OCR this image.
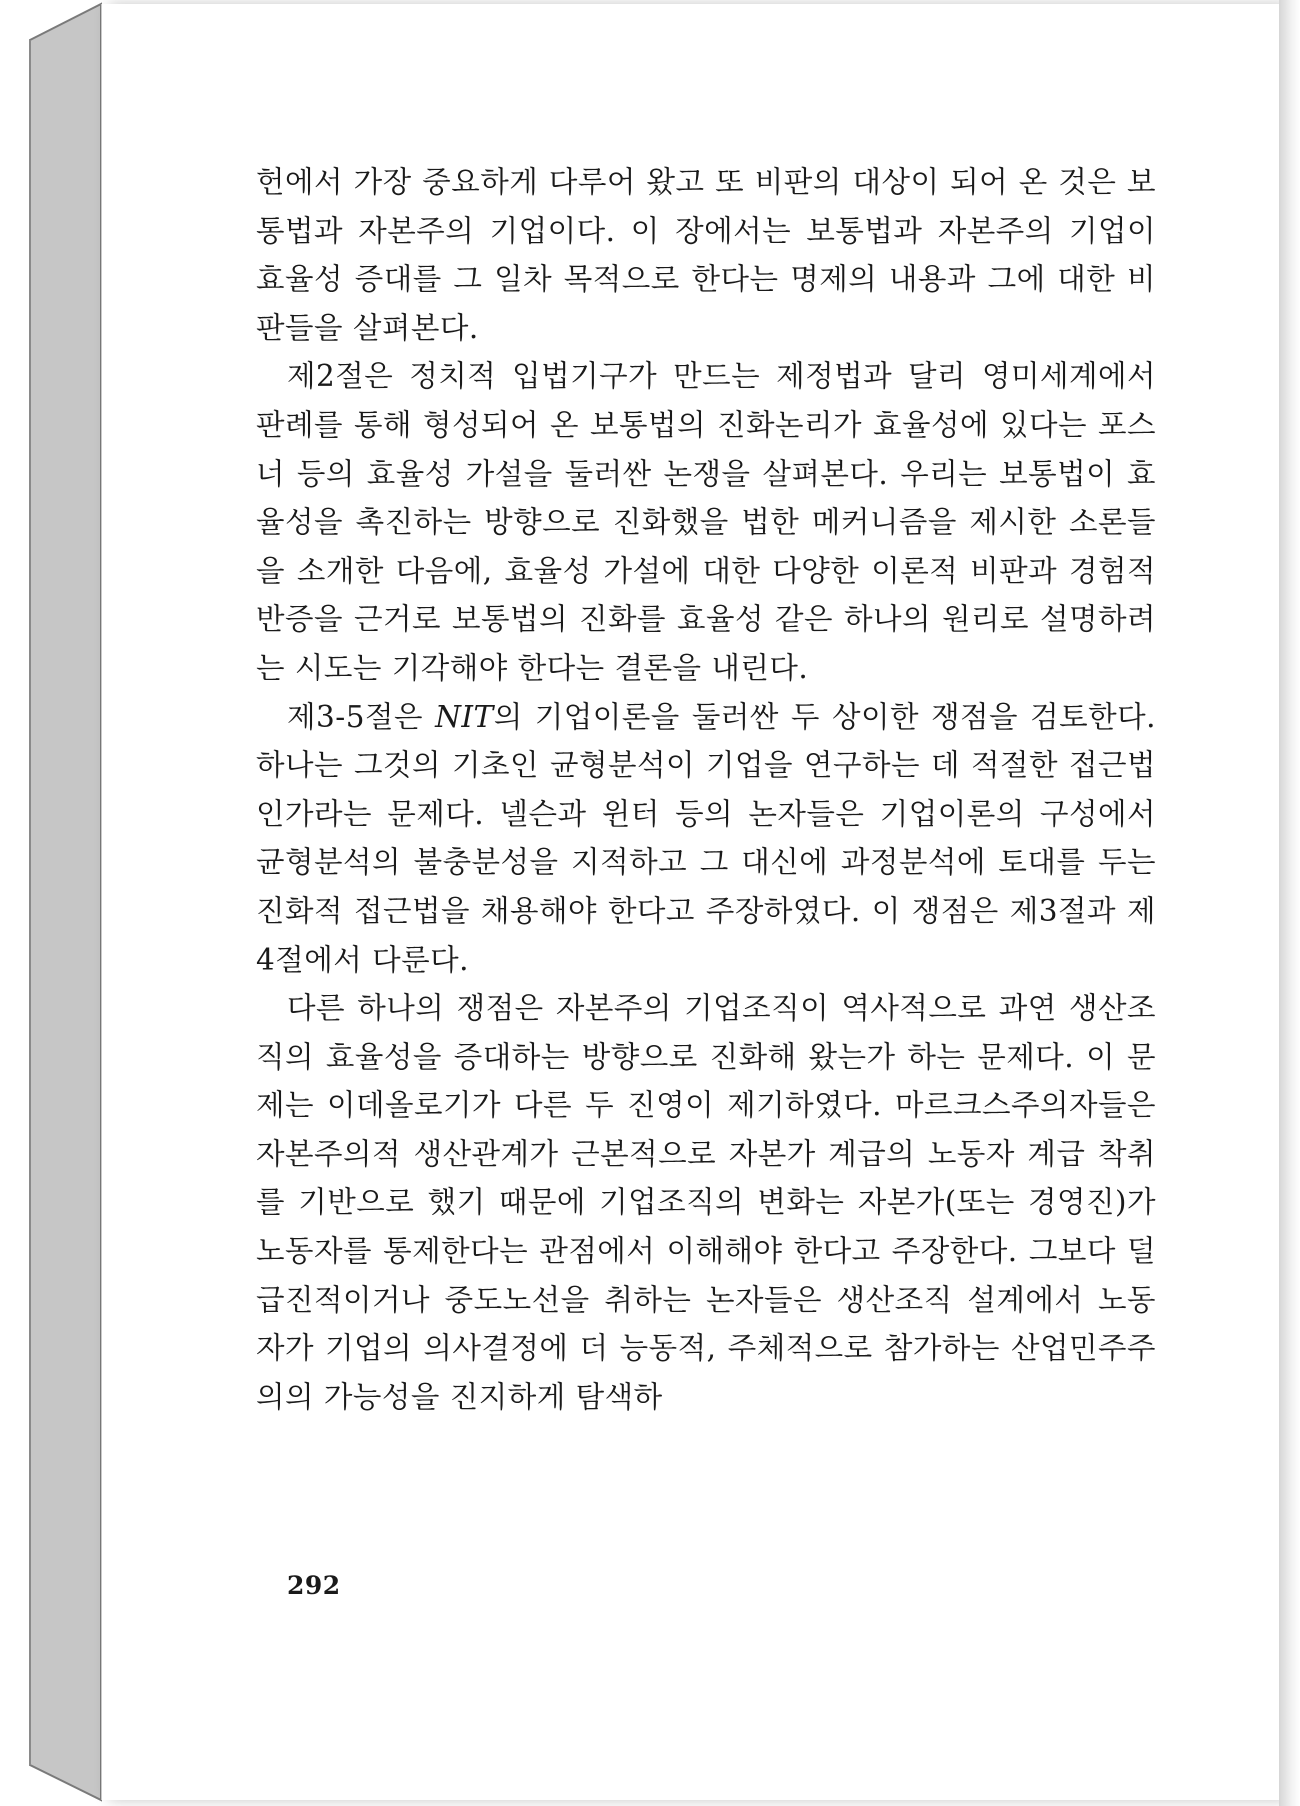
헌에서 가장 중요하게 다루어 왔고 또 비판의 대상이 되어 온 것은 보통법과 자본주의 기업이다. 이 장에서는 보통법과 자본주의 기업이 효율성 증대를 그 일차 목적으로 한다는 명제의 내용과 그에 대한 비판들을 살펴본다.

제2절은 정치적 입법기구가 만드는 제정법과 달리 영미세계에서 판례를 통해 형성되어 온 보통법의 진화논리가 효율성에 있다는 포스너 등의 효율성 가설을 둘러싼 논쟁을 살펴본다. 우리는 보통법이 효율성을 촉진하는 방향으로 진화했을 법한 메커니즘을 제시한 소론들을 소개한 다음에, 효율성 가설에 대한 다양한 이론적 비판과 경험적 반증을 근거로 보통법의 진화를 효율성 같은 하나의 원리로 설명하려는 시도는 기각해야 한다는 결론을 내린다.

제3-5절은 NIT의 기업이론을 둘러싼 두 상이한 쟁점을 검토한다. 하나는 그것의 기초인 균형분석이 기업을 연구하는 데 적절한 접근법인가라는 문제다. 넬슨과 윈터 등의 논자들은 기업이론의 구성에서 균형분석의 불충분성을 지적하고 그 대신에 과정분석에 토대를 두는 진화적 접근법을 채용해야 한다고 주장하였다. 이 쟁점은 제3절과 제4절에서 다룬다.

다른 하나의 쟁점은 자본주의 기업조직이 역사적으로 과연 생산조직의 효율성을 증대하는 방향으로 진화해 왔는가 하는 문제다. 이 문제는 이데올로기가 다른 두 진영이 제기하였다. 마르크스주의자들은 자본주의적 생산관계가 근본적으로 자본가 계급의 노동자 계급 착취를 기반으로 했기 때문에 기업조직의 변화는 자본가(또는 경영진)가 노동자를 통제한다는 관점에서 이해해야 한다고 주장한다. 그보다 덜 급진적이거나 중도노선을 취하는 논자들은 생산조직 설계에서 노동자가 기업의 의사결정에 더 능동적, 주체적으로 참가하는 산업민주주의의 가능성을 진지하게 탐색하

292
